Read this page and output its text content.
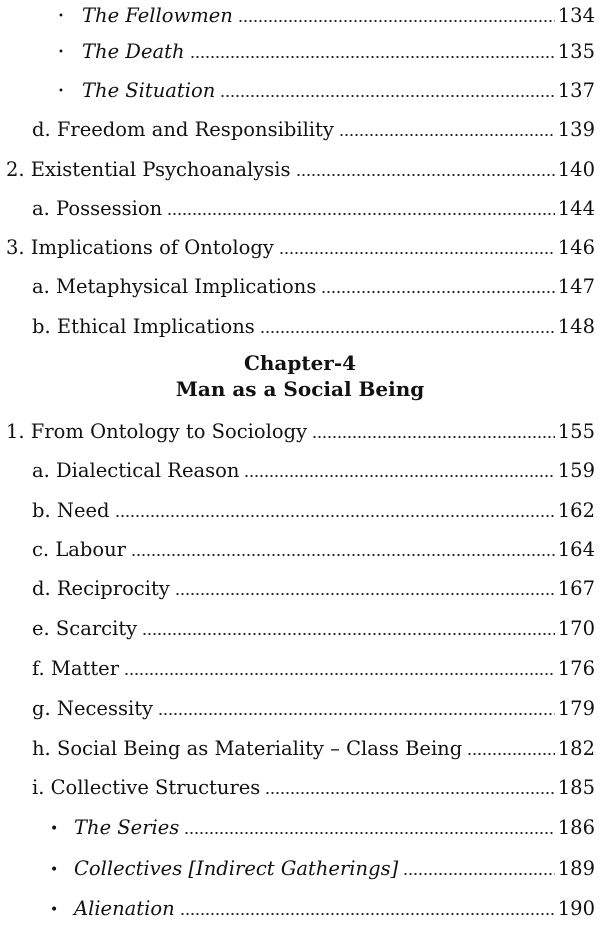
• The Fellowmen	134
• The Death	135
• The Situation	137
d. Freedom and Responsibility	139
2. Existential Psychoanalysis	140
a. Possession	144
3. Implications of Ontology	146
a. Metaphysical Implications	147
b. Ethical Implications	148
Chapter-4
Man as a Social Being
1. From Ontology to Sociology	155
a. Dialectical Reason	159
b. Need	162
c. Labour	164
d. Reciprocity	167
e. Scarcity	170
f. Matter	176
g. Necessity	179
h. Social Being as Materiality – Class Being	182
i. Collective Structures	185
• The Series	186
• Collectives [Indirect Gatherings]	189
• Alienation	190
